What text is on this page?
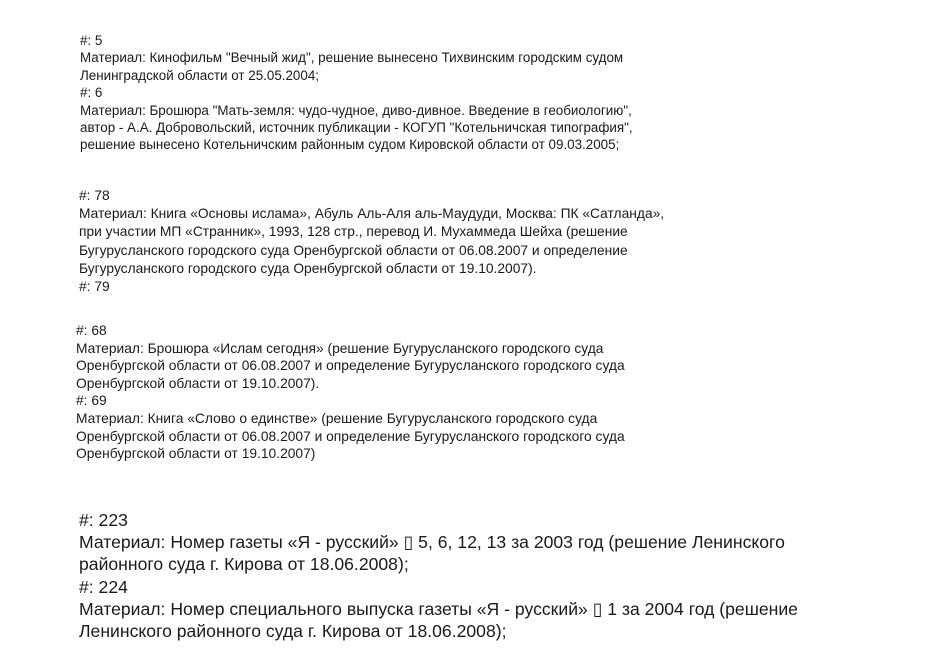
#: 5

Материал: Кинофильм "Вечный жид", решение вынесено Тихвинским городским судом

Ленинградской области от 25.05.2004;

#: 6

Материал: Брошюра "Мать-земля: чудо-чудное, диво-дивное. Введение в геобиологию",

автор - А.А. Добровольский, источник публикации - КОГУП "Котельничская типография",

решение вынесено Котельничским районным судом Кировской области от 09.03.2005;

#: 78

Материал: Книга «Основы ислама», Абуль Аль-Аля аль-Маудуди, Москва: ПК «Сатланда»,

при участии МП «Странник», 1993, 128 стр., перевод И. Мухаммеда Шейха (решение

Бугурусланского городского суда Оренбургской области от 06.08.2007 и определение

Бугурусланского городского суда Оренбургской области от 19.10.2007).

#: 79

#: 68

Материал: Брошюра «Ислам сегодня» (решение Бугурусланского городского суда

Оренбургской области от 06.08.2007 и определение Бугурусланского городского суда

Оренбургской области от 19.10.2007).

#: 69

Материал: Книга «Слово о единстве» (решение Бугурусланского городского суда

Оренбургской области от 06.08.2007 и определение Бугурусланского городского суда

Оренбургской области от 19.10.2007)

#: 223

Материал: Номер газеты «Я - русский» ▯ 5, 6, 12, 13 за 2003 год (решение Ленинского

районного суда г. Кирова от 18.06.2008);

#: 224

Материал: Номер специального выпуска газеты «Я - русский» ▯ 1 за 2004 год (решение

Ленинского районного суда г. Кирова от 18.06.2008);
